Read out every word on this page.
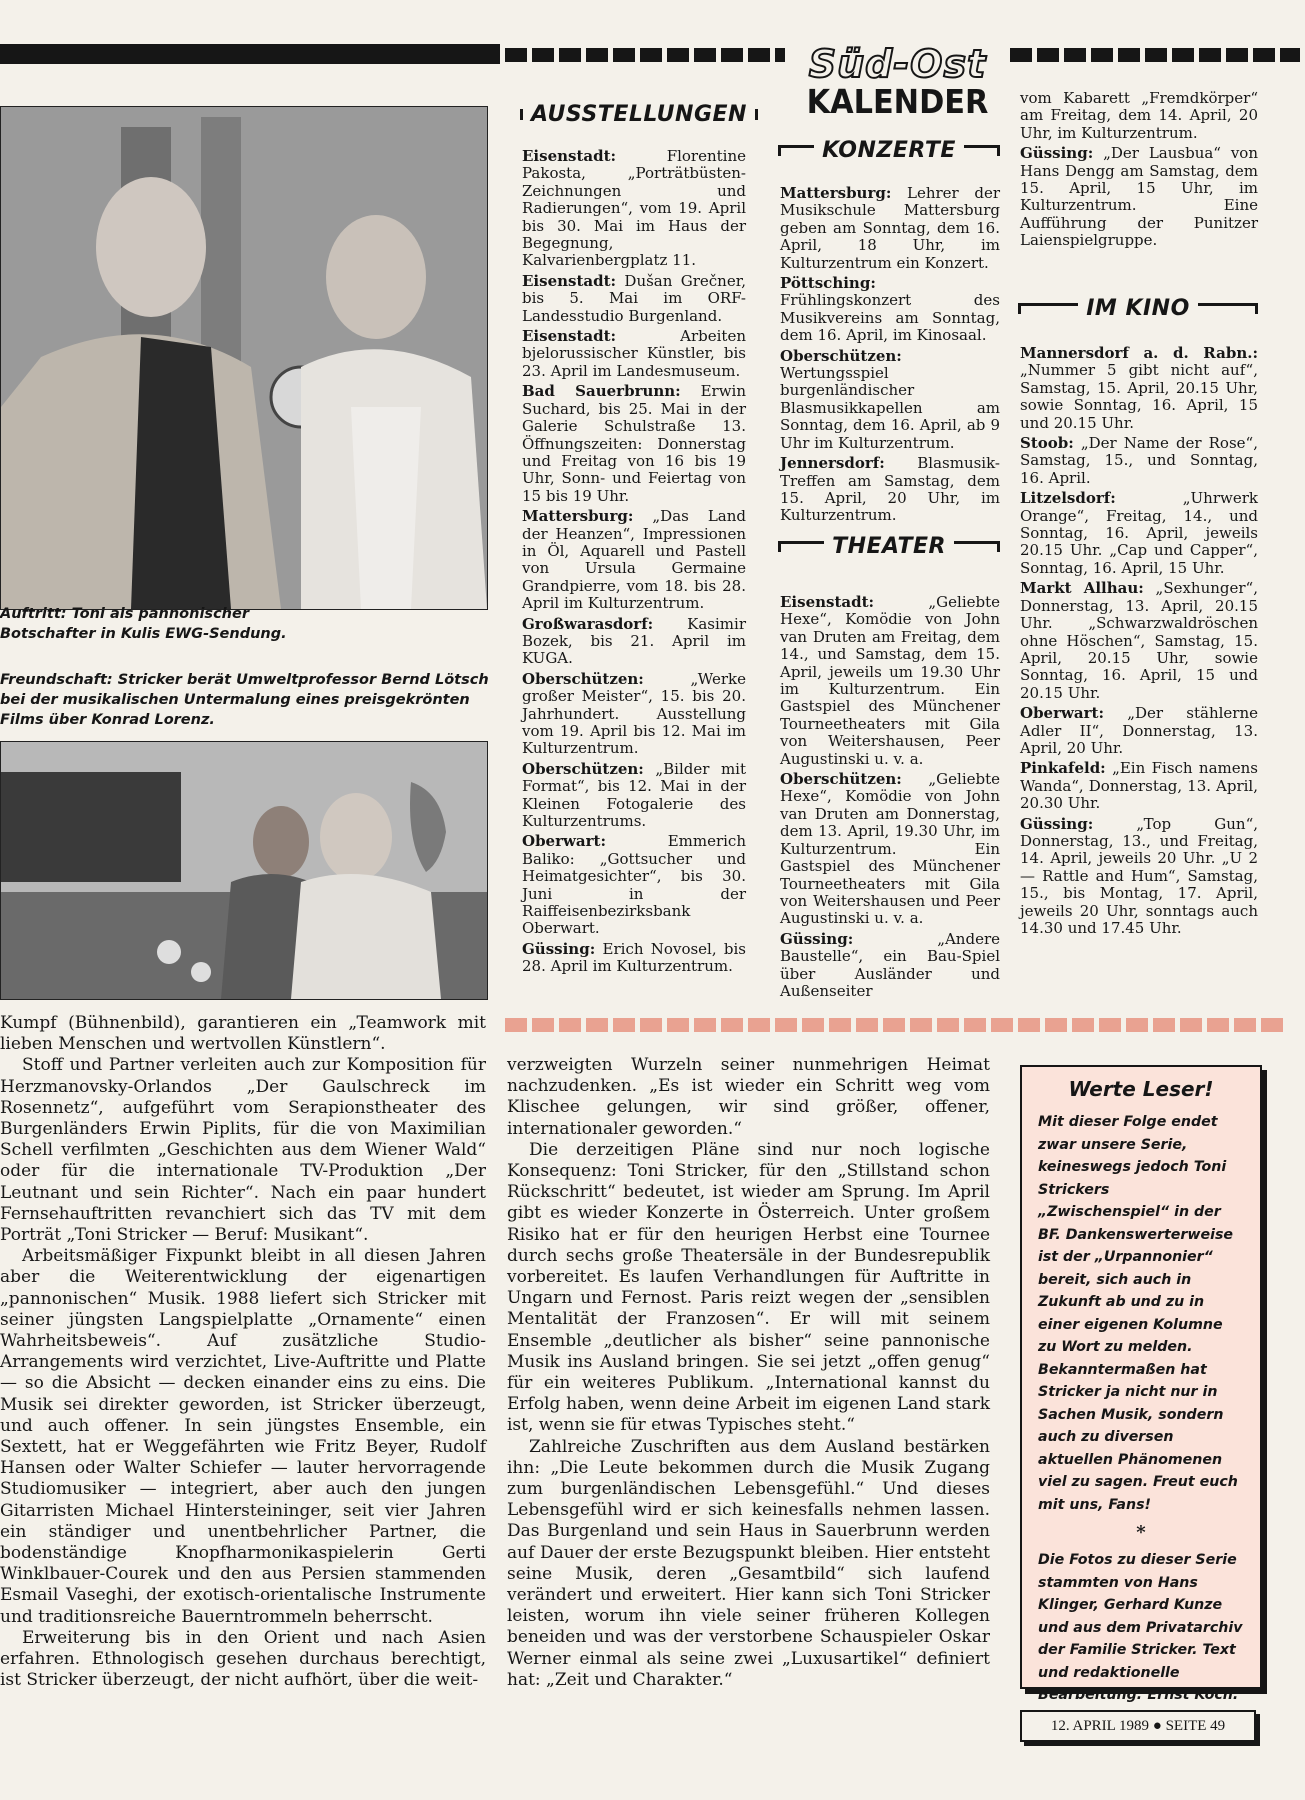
Süd-Ost
KALENDER
Auftritt: Toni als pannonischer Botschafter in Kulis EWG-Sendung.
Freundschaft: Stricker berät Umweltprofessor Bernd Lötsch bei der musikalischen Untermalung eines preisgekrönten Films über Konrad Lorenz.
AUSSTELLUNGEN

Eisenstadt:	Florentine Pakosta, „Porträtbüsten-Zeichnungen und Radierungen“, vom 19. April bis 30. Mai im Haus der Begegnung, Kalvarienbergplatz 11.

Eisenstadt: Dušan Grečner, bis 5. Mai im ORF-Landesstudio Burgenland.

Eisenstadt:	Arbeiten bjelorussischer Künstler, bis 23. April im Landesmuseum.

Bad Sauerbrunn: Erwin Suchard, bis 25. Mai in der Galerie Schulstraße 13. Öffnungszeiten: Donnerstag und Freitag von 16 bis 19 Uhr, Sonn- und Feiertag von 15 bis 19 Uhr.

Mattersburg: „Das Land der Heanzen“, Impressionen in Öl, Aquarell und Pastell von Ursula Germaine Grandpierre, vom 18. bis 28. April im Kulturzentrum.

Großwarasdorf: Kasimir Bozek, bis 21. April im KUGA.

Oberschützen:	„Werke großer Meister“, 15. bis 20. Jahrhundert. Ausstellung vom 19. April bis 12. Mai im Kulturzentrum.

Oberschützen: „Bilder mit Format“, bis 12. Mai in der Kleinen Fotogalerie des Kulturzentrums.

Oberwart:	Emmerich Baliko: „Gottsucher und Heimatgesichter“, bis 30. Juni in der Raiffeisenbezirksbank Oberwart.

Güssing: Erich Novosel, bis 28. April im Kulturzentrum.

KONZERTE

Mattersburg: Lehrer der Musikschule Mattersburg geben am Sonntag, dem 16. April, 18 Uhr, im Kulturzentrum ein Konzert.

Pöttsching: Frühlingskonzert des Musikvereins am Sonntag, dem 16. April, im Kinosaal.

Oberschützen: Wertungsspiel burgenländischer Blasmusikkapellen am Sonntag, dem 16. April, ab 9 Uhr im Kulturzentrum.

Jennersdorf: Blasmusik-Treffen am Samstag, dem 15. April, 20 Uhr, im Kulturzentrum.

THEATER

Eisenstadt:	„Geliebte Hexe“, Komödie von John van Druten am Freitag, dem 14., und Samstag, dem 15. April, jeweils um 19.30 Uhr im Kulturzentrum. Ein Gastspiel des Münchener Tourneetheaters mit Gila von Weitershausen, Peer Augustinski u. v. a.

Oberschützen: „Geliebte Hexe“, Komödie von John van Druten am Donnerstag, dem 13. April, 19.30 Uhr, im Kulturzentrum. Ein Gastspiel des Münchener Tourneetheaters mit Gila von Weitershausen und Peer Augustinski u. v. a.

Güssing:	„Andere Baustelle“, ein Bau-Spiel über Ausländer und Außenseiter

vom Kabarett „Fremdkörper“ am Freitag, dem 14. April, 20 Uhr, im Kulturzentrum.

Güssing: „Der Lausbua“ von Hans Dengg am Samstag, dem 15. April, 15 Uhr, im Kulturzentrum. Eine Aufführung der Punitzer Laienspielgruppe.

IM KINO

Mannersdorf a. d. Rabn.: „Nummer 5 gibt nicht auf“, Samstag, 15. April, 20.15 Uhr, sowie Sonntag, 16. April, 15 und 20.15 Uhr.

Stoob: „Der Name der Rose“, Samstag, 15., und Sonntag, 16. April.

Litzelsdorf:	„Uhrwerk Orange“, Freitag, 14., und Sonntag, 16. April, jeweils 20.15 Uhr. „Cap und Capper“, Sonntag, 16. April, 15 Uhr.

Markt Allhau: „Sexhunger“, Donnerstag, 13. April, 20.15 Uhr. „Schwarzwaldröschen ohne Höschen“, Samstag, 15. April, 20.15 Uhr, sowie Sonntag, 16. April, 15 und 20.15 Uhr.

Oberwart: „Der stählerne Adler II“, Donnerstag, 13. April, 20 Uhr.

Pinkafeld: „Ein Fisch namens Wanda“, Donnerstag, 13. April, 20.30 Uhr.

Güssing:	„Top Gun“, Donnerstag, 13., und Freitag, 14. April, jeweils 20 Uhr. „U 2 — Rattle and Hum“, Samstag, 15., bis Montag, 17. April, jeweils 20 Uhr, sonntags auch 14.30 und 17.45 Uhr.

Kumpf (Bühnenbild), garantieren ein „Teamwork mit lieben Menschen und wertvollen Künstlern“.

Stoff und Partner verleiten auch zur Komposition für Herzmanovsky-Orlandos „Der Gaulschreck im Rosennetz“, aufgeführt vom Serapionstheater des Burgenländers Erwin Piplits, für die von Maximilian Schell verfilmten „Geschichten aus dem Wiener Wald“ oder für die internationale TV-Produktion „Der Leutnant und sein Richter“. Nach ein paar hundert Fernsehauftritten revanchiert sich das TV mit dem Porträt „Toni Stricker — Beruf: Musikant“.

Arbeitsmäßiger Fixpunkt bleibt in all diesen Jahren aber die Weiterentwicklung der eigenartigen „pannonischen“ Musik. 1988 liefert sich Stricker mit seiner jüngsten Langspielplatte „Ornamente“ einen Wahrheitsbeweis“. Auf zusätzliche Studio-Arrangements wird verzichtet, Live-Auftritte und Platte — so die Absicht — decken einander eins zu eins. Die Musik sei direkter geworden, ist Stricker überzeugt, und auch offener. In sein jüngstes Ensemble, ein Sextett, hat er Weggefährten wie Fritz Beyer, Rudolf Hansen oder Walter Schiefer — lauter hervorragende Studiomusiker — integriert, aber auch den jungen Gitarristen Michael Hintersteininger, seit vier Jahren ein ständiger und unentbehrlicher Partner, die bodenständige Knopfharmonikaspielerin Gerti Winklbauer-Courek und den aus Persien stammenden Esmail Vaseghi, der exotisch-orientalische Instrumente und traditionsreiche Bauerntrommeln beherrscht.

Erweiterung bis in den Orient und nach Asien erfahren. Ethnologisch gesehen durchaus berechtigt, ist Stricker überzeugt, der nicht aufhört, über die weit-

verzweigten Wurzeln seiner nunmehrigen Heimat nachzudenken. „Es ist wieder ein Schritt weg vom Klischee gelungen, wir sind größer, offener, internationaler geworden.“

Die derzeitigen Pläne sind nur noch logische Konsequenz: Toni Stricker, für den „Stillstand schon Rückschritt“ bedeutet, ist wieder am Sprung. Im April gibt es wieder Konzerte in Österreich. Unter großem Risiko hat er für den heurigen Herbst eine Tournee durch sechs große Theatersäle in der Bundesrepublik vorbereitet. Es laufen Verhandlungen für Auftritte in Ungarn und Fernost. Paris reizt wegen der „sensiblen Mentalität der Franzosen“. Er will mit seinem Ensemble „deutlicher als bisher“ seine pannonische Musik ins Ausland bringen. Sie sei jetzt „offen genug“ für ein weiteres Publikum. „International kannst du Erfolg haben, wenn deine Arbeit im eigenen Land stark ist, wenn sie für etwas Typisches steht.“

Zahlreiche Zuschriften aus dem Ausland bestärken ihn: „Die Leute bekommen durch die Musik Zugang zum burgenländischen Lebensgefühl.“ Und dieses Lebensgefühl wird er sich keinesfalls nehmen lassen. Das Burgenland und sein Haus in Sauerbrunn werden auf Dauer der erste Bezugspunkt bleiben. Hier entsteht seine Musik, deren „Gesamtbild“ sich laufend verändert und erweitert. Hier kann sich Toni Stricker leisten, worum ihn viele seiner früheren Kollegen beneiden und was der verstorbene Schauspieler Oskar Werner einmal als seine zwei „Luxusartikel“ definiert hat: „Zeit und Charakter.“

Werte Leser!
Mit dieser Folge endet zwar unsere Serie, keineswegs jedoch Toni Strickers „Zwischenspiel“ in der BF. Dankenswerterweise ist der „Urpannonier“ bereit, sich auch in Zukunft ab und zu in einer eigenen Kolumne zu Wort zu melden. Bekanntermaßen hat Stricker ja nicht nur in Sachen Musik, sondern auch zu diversen aktuellen Phänomenen viel zu sagen. Freut euch mit uns, Fans!
*
Die Fotos zu dieser Serie stammten von Hans Klinger, Gerhard Kunze und aus dem Privatarchiv der Familie Stricker. Text und redaktionelle Bearbeitung: Ernst Koch.
12. APRIL 1989 ● SEITE 49
